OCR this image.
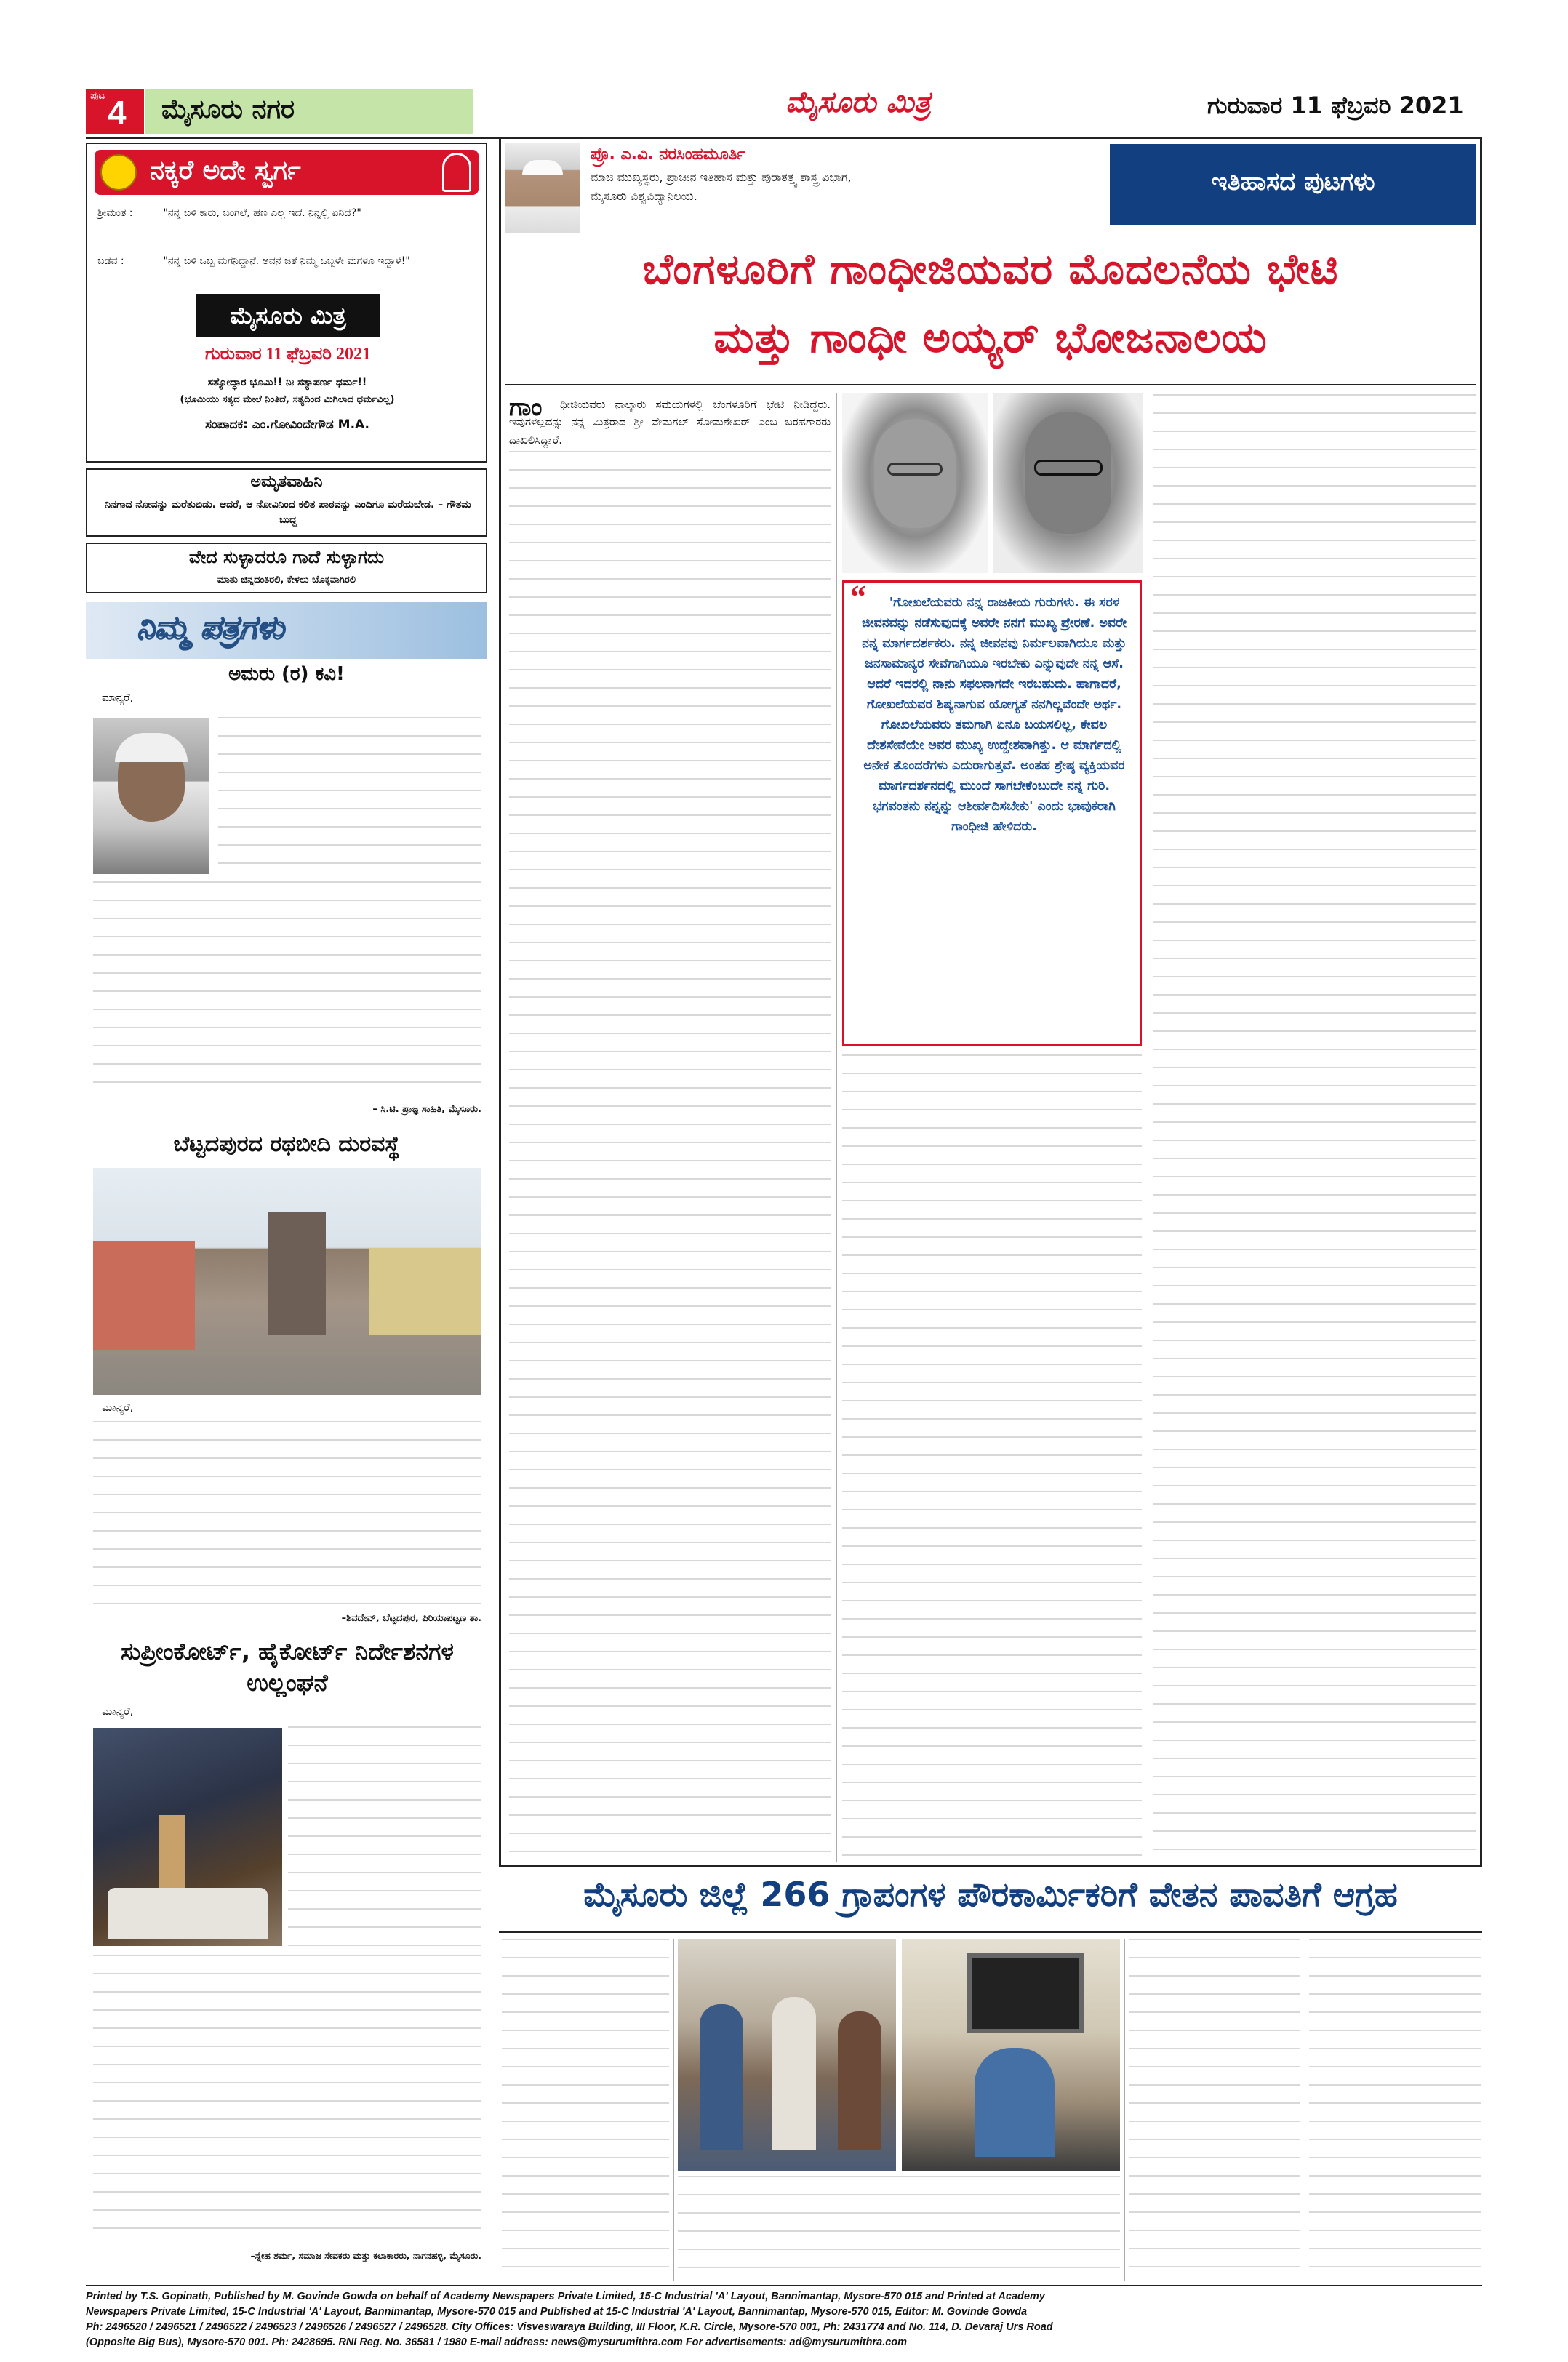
ಪುಟ 4 ಮೈಸೂರು ನಗರ	ಮೈಸೂರು ಮಿತ್ರ	ಗುರುವಾರ 11 ಫೆಬ್ರವರಿ 2021
ನಕ್ಕರೆ ಅದೇ ಸ್ವರ್ಗ
ಶ್ರೀಮಂತ :	"ನನ್ನ ಬಳಿ ಕಾರು, ಬಂಗಲೆ, ಹಣ ಎಲ್ಲ ಇದೆ. ನಿನ್ನಲ್ಲಿ ಏನಿದೆ?"
ಬಡವ :	"ನನ್ನ ಬಳಿ ಒಬ್ಬ ಮಗನಿದ್ದಾನೆ. ಅವನ ಜತೆ ನಿಮ್ಮ ಒಬ್ಬಳೇ ಮಗಳೂ ಇದ್ದಾಳೆ!"
ಮೈಸೂರು ಮಿತ್ರ
ಗುರುವಾರ 11 ಫೆಬ್ರವರಿ 2021
ಸತ್ಯೋದ್ಧಾರ ಭೂಮಿ!! ನಿಃ ಸತ್ಯಾಪರ್ಣ ಧರ್ಮ!!
(ಭೂಮಿಯು ಸತ್ಯದ ಮೇಲೆ ನಿಂತಿದೆ, ಸತ್ಯದಿಂದ ಮಿಗಿಲಾದ ಧರ್ಮವಿಲ್ಲ)
ಸಂಪಾದಕ: ಎಂ.ಗೋವಿಂದೇಗೌಡ M.A.
ಅಮೃತವಾಹಿನಿ
ನಿನಗಾದ ನೋವನ್ನು ಮರೆತುಬಿಡು. ಆದರೆ, ಆ ನೋವಿನಿಂದ ಕಲಿತ ಪಾಠವನ್ನು ಎಂದಿಗೂ ಮರೆಯಬೇಡ. – ಗೌತಮ ಬುದ್ಧ
ವೇದ ಸುಳ್ಳಾದರೂ ಗಾದೆ ಸುಳ್ಳಾಗದು
ಮಾತು ಚಿನ್ನದಂತಿರಲಿ, ಕೇಳಲು ಚೊಕ್ಕವಾಗಿರಲಿ
ನಿಮ್ಮ ಪತ್ರಗಳು
ಅಮರು (ರ) ಕವಿ!
ಮಾನ್ಯರೆ,
– ಸಿ.ಟಿ. ಪ್ರಾಜ್ಞ ಸಾಹಿತಿ, ಮೈಸೂರು.
ಬೆಟ್ಟದಪುರದ ರಥಬೀದಿ ದುರವಸ್ಥೆ
ಮಾನ್ಯರೆ,
–ಶಿವದೇವ್, ಬೆಟ್ಟದಪುರ, ಪಿರಿಯಾಪಟ್ಟಣ ತಾ.
ಸುಪ್ರೀಂಕೋರ್ಟ್, ಹೈಕೋರ್ಟ್ ನಿರ್ದೇಶನಗಳ ಉಲ್ಲಂಘನೆ
ಮಾನ್ಯರೆ,
–ಸ್ನೇಹ ಶರ್ಮ, ಸಮಾಜ ಸೇವಕರು ಮತ್ತು ಕಲಾಕಾರರು, ನಾಗನಹಳ್ಳಿ, ಮೈಸೂರು.
ಪ್ರೊ. ಎ.ವಿ. ನರಸಿಂಹಮೂರ್ತಿ
ಮಾಜಿ ಮುಖ್ಯಸ್ಥರು, ಪ್ರಾಚೀನ ಇತಿಹಾಸ ಮತ್ತು ಪುರಾತತ್ತ್ವ ಶಾಸ್ತ್ರ ವಿಭಾಗ,
ಮೈಸೂರು ವಿಶ್ವವಿದ್ಯಾನಿಲಯ.	ಇತಿಹಾಸದ ಪುಟಗಳು
ಬೆಂಗಳೂರಿಗೆ ಗಾಂಧೀಜಿಯವರ ಮೊದಲನೆಯ ಭೇಟಿ
ಮತ್ತು ಗಾಂಧೀ ಅಯ್ಯರ್ ಭೋಜನಾಲಯ
ಗಾಂ	ಧೀಜಿಯವರು ನಾಲ್ಕಾರು ಸಮಯಗಳಲ್ಲಿ ಬೆಂಗಳೂರಿಗೆ ಭೇಟಿ ನೀಡಿದ್ದರು. ಇವುಗಳಲ್ಲದನ್ನು ನನ್ನ ಮಿತ್ರರಾದ ಶ್ರೀ ವೇಮಗಲ್ ಸೋಮಶೇಖರ್ ಎಂಬ ಬರಹಗಾರರು ದಾಖಲಿಸಿದ್ದಾರೆ.
“	'ಗೋಖಲೆಯವರು ನನ್ನ ರಾಜಕೀಯ ಗುರುಗಳು. ಈ ಸರಳ ಜೀವನವನ್ನು ನಡೆಸುವುದಕ್ಕೆ ಅವರೇ ನನಗೆ ಮುಖ್ಯ ಪ್ರೇರಣೆ. ಅವರೇ ನನ್ನ ಮಾರ್ಗದರ್ಶಕರು. ನನ್ನ ಜೀವನವು ನಿರ್ಮಲವಾಗಿಯೂ ಮತ್ತು ಜನಸಾಮಾನ್ಯರ ಸೇವೆಗಾಗಿಯೂ ಇರಬೇಕು ಎನ್ನುವುದೇ ನನ್ನ ಆಸೆ. ಆದರೆ ಇದರಲ್ಲಿ ನಾನು ಸಫಲನಾಗದೇ ಇರಬಹುದು. ಹಾಗಾದರೆ, ಗೋಖಲೆಯವರ ಶಿಷ್ಯನಾಗುವ ಯೋಗ್ಯತೆ ನನಗಿಲ್ಲವೆಂದೇ ಅರ್ಥ. ಗೋಖಲೆಯವರು ತಮಗಾಗಿ ಏನೂ ಬಯಸಲಿಲ್ಲ, ಕೇವಲ ದೇಶಸೇವೆಯೇ ಅವರ ಮುಖ್ಯ ಉದ್ದೇಶವಾಗಿತ್ತು. ಆ ಮಾರ್ಗದಲ್ಲಿ ಅನೇಕ ತೊಂದರೆಗಳು ಎದುರಾಗುತ್ತವೆ. ಅಂತಹ ಶ್ರೇಷ್ಠ ವ್ಯಕ್ತಿಯವರ ಮಾರ್ಗದರ್ಶನದಲ್ಲಿ ಮುಂದೆ ಸಾಗಬೇಕೆಂಬುದೇ ನನ್ನ ಗುರಿ. ಭಗವಂತನು ನನ್ನನ್ನು ಆಶೀರ್ವದಿಸಬೇಕು' ಎಂದು ಭಾವುಕರಾಗಿ ಗಾಂಧೀಜಿ ಹೇಳಿದರು.
ಮೈಸೂರು ಜಿಲ್ಲೆ 266 ಗ್ರಾಪಂಗಳ ಪೌರಕಾರ್ಮಿಕರಿಗೆ ವೇತನ ಪಾವತಿಗೆ ಆಗ್ರಹ
Printed by T.S. Gopinath, Published by M. Govinde Gowda on behalf of Academy Newspapers Private Limited, 15-C Industrial 'A' Layout, Bannimantap, Mysore-570 015 and Printed at Academy
Newspapers Private Limited, 15-C Industrial 'A' Layout, Bannimantap, Mysore-570 015 and Published at 15-C Industrial 'A' Layout, Bannimantap, Mysore-570 015, Editor: M. Govinde Gowda
Ph: 2496520 / 2496521 / 2496522 / 2496523 / 2496526 / 2496527 / 2496528. City Offices: Visveswaraya Building, III Floor, K.R. Circle, Mysore-570 001, Ph: 2431774 and No. 114, D. Devaraj Urs Road
(Opposite Big Bus), Mysore-570 001. Ph: 2428695. RNI Reg. No. 36581 / 1980 E-mail address: news@mysurumithra.com For advertisements: ad@mysurumithra.com
